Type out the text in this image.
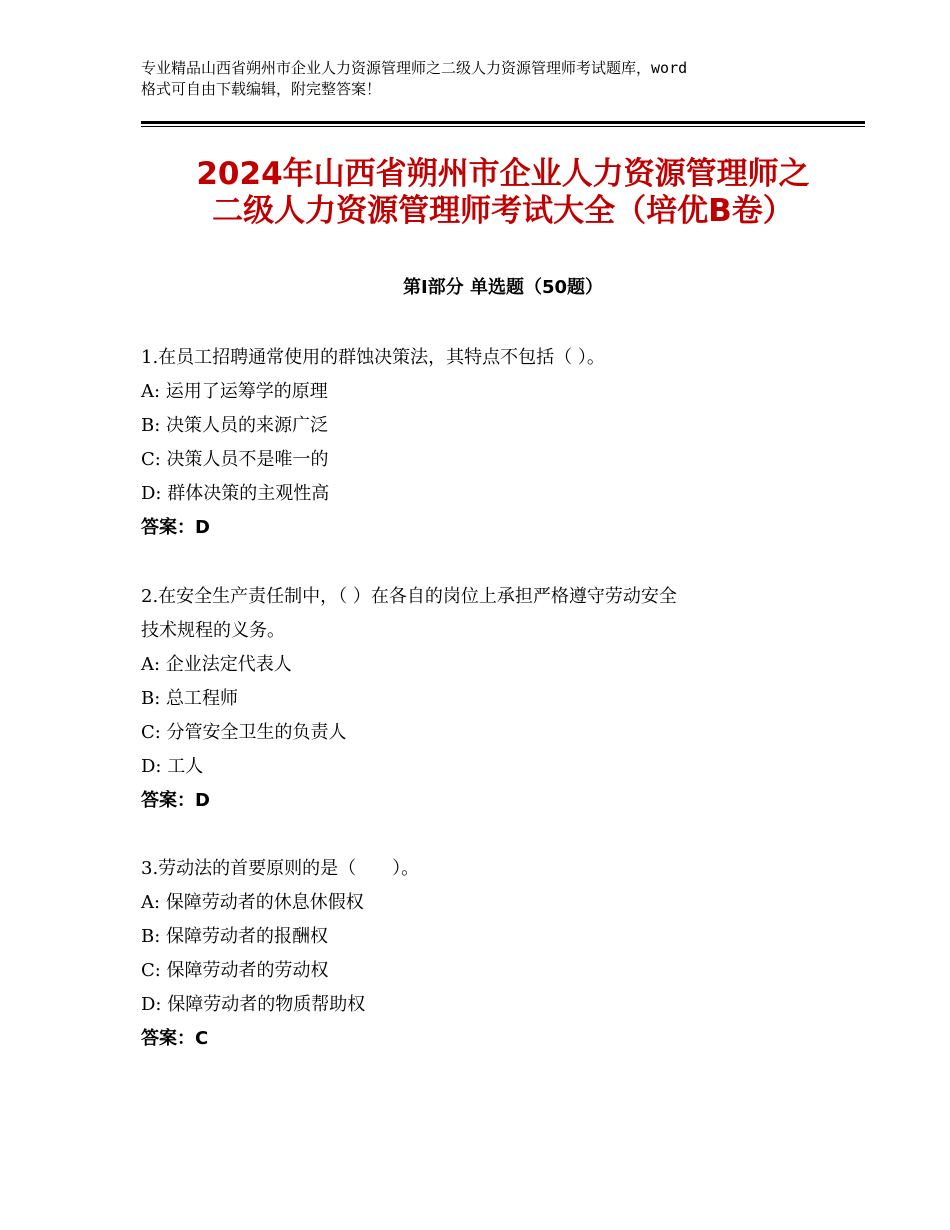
专业精品山西省朔州市企业人力资源管理师之二级人力资源管理师考试题库，word
格式可自由下载编辑，附完整答案！
2024年山西省朔州市企业人力资源管理师之
二级人力资源管理师考试大全（培优B卷）
第Ⅰ部分 单选题（50题）
1.在员工招聘通常使用的群蚀决策法，其特点不包括（ ）。
A: 运用了运筹学的原理
B: 决策人员的来源广泛
C: 决策人员不是唯一的
D: 群体决策的主观性高
答案：D
2.在安全生产责任制中，（ ）在各自的岗位上承担严格遵守劳动安全
技术规程的义务。
A: 企业法定代表人
B: 总工程师
C: 分管安全卫生的负责人
D: 工人
答案：D
3.劳动法的首要原则的是（　　）。
A: 保障劳动者的休息休假权
B: 保障劳动者的报酬权
C: 保障劳动者的劳动权
D: 保障劳动者的物质帮助权
答案：C
